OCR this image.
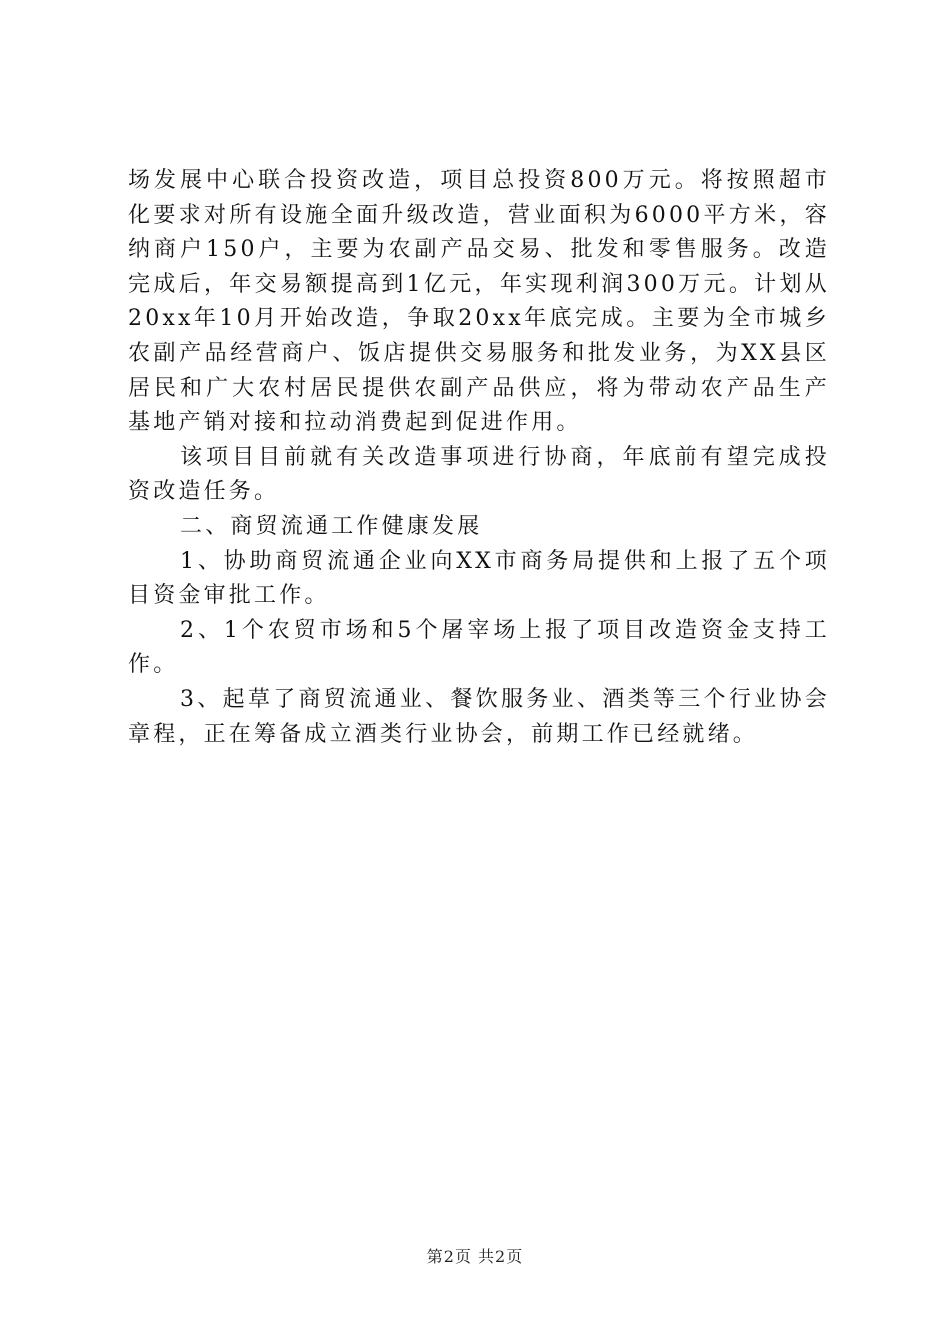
场发展中心联合投资改造，项目总投资800万元。将按照超市化要求对所有设施全面升级改造，营业面积为6000平方米，容纳商户150户，主要为农副产品交易、批发和零售服务。改造完成后，年交易额提高到1亿元，年实现利润300万元。计划从20xx年10月开始改造，争取20xx年底完成。主要为全市城乡农副产品经营商户、饭店提供交易服务和批发业务，为XX县区居民和广大农村居民提供农副产品供应，将为带动农产品生产基地产销对接和拉动消费起到促进作用。

该项目目前就有关改造事项进行协商，年底前有望完成投资改造任务。

二、商贸流通工作健康发展

1、协助商贸流通企业向XX市商务局提供和上报了五个项目资金审批工作。

2、1个农贸市场和5个屠宰场上报了项目改造资金支持工作。

3、起草了商贸流通业、餐饮服务业、酒类等三个行业协会章程，正在筹备成立酒类行业协会，前期工作已经就绪。

第2页 共2页
